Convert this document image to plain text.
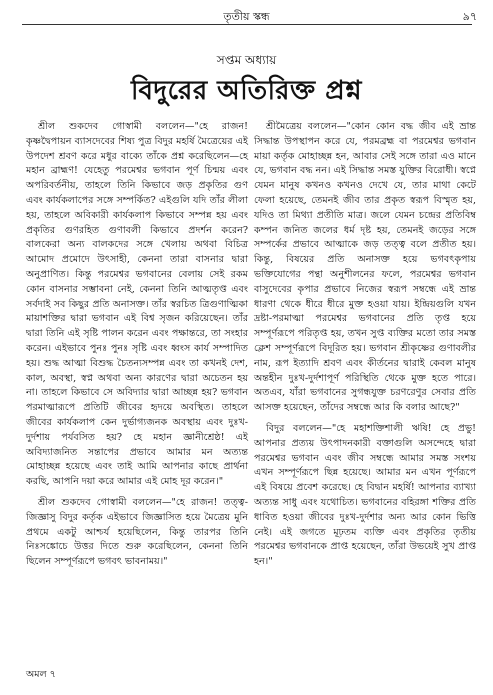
তৃতীয় স্কন্ধ	৯৭
সপ্তম অধ্যায়
বিদুরের অতিরিক্ত প্রশ্ন

শ্রীল শুকদেব গোস্বামী বললেন—"হে রাজন! কৃষ্ণদ্বৈপায়ন ব্যাসদেবের শিষ্য পুত্র বিদুর মহর্ষি মৈত্রেয়ের এই উপদেশ শ্রবণ করে মধুর বাক্যে তাঁকে প্রশ্ন করেছিলেন—হে মহান ব্রাহ্মণ! যেহেতু পরমেশ্বর ভগবান পূর্ণ চিন্ময় এবং অপরিবর্তনীয়, তাহলে তিনি কিভাবে জড় প্রকৃতির গুণ এবং কার্যকলাপের সঙ্গে সম্পর্কিত? এইগুলি যদি তাঁর লীলা হয়, তাহলে অবিকারী কার্যকলাপ কিভাবে সম্পন্ন হয় এবং প্রকৃতির গুণরহিত গুণাবলী কিভাবে প্রদর্শন করেন? বালকেরা অন্য বালকদের সঙ্গে খেলায় অথবা বিচিত্র আমোদ প্রমোদে উৎসাহী, কেননা তারা বাসনার দ্বারা অনুপ্রাণিত। কিন্তু পরমেশ্বর ভগবানের বেলায় সেই রকম কোন বাসনার সম্ভাবনা নেই, কেননা তিনি আত্মতৃপ্ত এবং সর্বদাই সব কিছুর প্রতি অনাসক্ত। তাঁর স্বরচিত ত্রিগুণাত্মিকা মায়াশক্তির দ্বারা ভগবান এই বিশ্ব সৃজন করিয়েছেন। তাঁর দ্বারা তিনি এই সৃষ্টি পালন করেন এবং পক্ষান্তরে, তা সংহার করেন। এইভাবে পুনঃ পুনঃ সৃষ্টি এবং ধ্বংস কার্য সম্পাদিত হয়। শুদ্ধ আত্মা বিশুদ্ধ চৈতন্যসম্পন্ন এবং তা কখনই দেশ, কাল, অবস্থা, স্বপ্ন অথবা অন্য কারণের দ্বারা অচেতন হয় না। তাহলে কিভাবে সে অবিদ্যার দ্বারা আচ্ছন্ন হয়? ভগবান পরমাত্মারূপে প্রতিটি জীবের হৃদয়ে অবস্থিত। তাহলে জীবের কার্যকলাপ কেন দুর্ভাগ্যজনক অবস্থায় এবং দুঃখ-দুর্দশায় পর্যবসিত হয়? হে মহান জ্ঞানীশ্রেষ্ঠ! এই অবিদ্যাজনিত সন্তাপের প্রভাবে আমার মন অত্যন্ত মোহাচ্ছন্ন হয়েছে এবং তাই আমি আপনার কাছে প্রার্থনা করছি, আপনি দয়া করে আমার এই মোহ দূর করেন।"

শ্রীল শুকদেব গোস্বামী বললেন—"হে রাজন! তত্ত্ব-জিজ্ঞাসু বিদুর কর্তৃক এইভাবে জিজ্ঞাসিত হয়ে মৈত্রেয় মুনি প্রথমে একটু আশ্চর্য হয়েছিলেন, কিন্তু তারপর তিনি নিঃসঙ্কোচে উত্তর দিতে শুরু করেছিলেন, কেননা তিনি ছিলেন সম্পূর্ণরূপে ভগবৎ ভাবনাময়।"

শ্রীমৈত্রেয় বললেন—"কোন কোন বদ্ধ জীব এই ভ্রান্ত সিদ্ধান্ত উপস্থাপন করে যে, পরমব্রহ্ম বা পরমেশ্বর ভগবান মায়া কর্তৃক মোহাচ্ছন্ন হন, আবার সেই সঙ্গে তারা এও মানে যে, ভগবান বদ্ধ নন। এই সিদ্ধান্ত সমস্ত যুক্তির বিরোধী। স্বপ্নে যেমন মানুষ কখনও কখনও দেখে যে, তার মাথা কেটে ফেলা হয়েছে, তেমনই জীব তার প্রকৃত স্বরূপ বিস্মৃত হয়, যদিও তা মিথ্যা প্রতীতি মাত্র। জলে যেমন চন্দ্রের প্রতিবিম্ব কম্পন জনিত জলের ধর্ম দৃষ্ট হয়, তেমনই জড়ের সঙ্গে সম্পর্কের প্রভাবে আত্মাকে জড় তত্ত্ব বলে প্রতীত হয়। কিন্তু, বিষয়ের প্রতি অনাসক্ত হয়ে ভগবৎকৃপায় ভক্তিযোগের পন্থা অনুশীলনের ফলে, পরমেশ্বর ভগবান বাসুদেবের কৃপার প্রভাবে নিজের স্বরূপ সম্বন্ধে এই ভ্রান্ত ধারণা থেকে ধীরে ধীরে মুক্ত হওয়া যায়। ইন্দ্রিয়গুলি যখন দ্রষ্টা-পরমাত্মা পরমেশ্বর ভগবানের প্রতি তৃপ্ত হয়ে সম্পূর্ণরূপে পরিতৃপ্ত হয়, তখন সুপ্ত ব্যক্তির মতো তার সমস্ত ক্লেশ সম্পূর্ণরূপে বিদূরিত হয়। ভগবান শ্রীকৃষ্ণের গুণাবলীর নাম, রূপ ইত্যাদি শ্রবণ এবং কীর্তনের দ্বারাই কেবল মানুষ অন্তহীন দুঃখ-দুর্দশাপূর্ণ পরিস্থিতি থেকে মুক্ত হতে পারে। অতএব, যাঁরা ভগবানের সুগন্ধযুক্ত চরণরেণুর সেবার প্রতি আসক্ত হয়েছেন, তাঁদের সম্বন্ধে আর কি বলার আছে?"

বিদুর বললেন—"হে মহাশক্তিশালী ঋষি! হে প্রভু! আপনার প্রত্যয় উৎপাদনকারী বক্তাগুলি অসন্দেহে দ্বারা পরমেশ্বর ভগবান এবং জীব সম্বন্ধে আমার সমস্ত সংশয় এখন সম্পূর্ণরূপে ছিন্ন হয়েছে। আমার মন এখন পূর্ণরূপে এই বিষয়ে প্রবেশ করেছে। হে বিদ্বান মহর্ষি! আপনার ব্যাখ্যা অত্যন্ত সাধু এবং যথোচিত। ভগবানের বহিরঙ্গা শক্তির প্রতি ধাবিত হওয়া জীবের দুঃখ-দুর্দশার অন্য আর কোন ভিত্তি নেই। এই জগতে মূঢ়তম ব্যক্তি এবং প্রকৃতির তৃতীয় পরমেশ্বর ভগবানকে প্রাপ্ত হয়েছেন, তাঁরা উভয়েই সুখ প্রাপ্ত হন।"

অমল ৭
